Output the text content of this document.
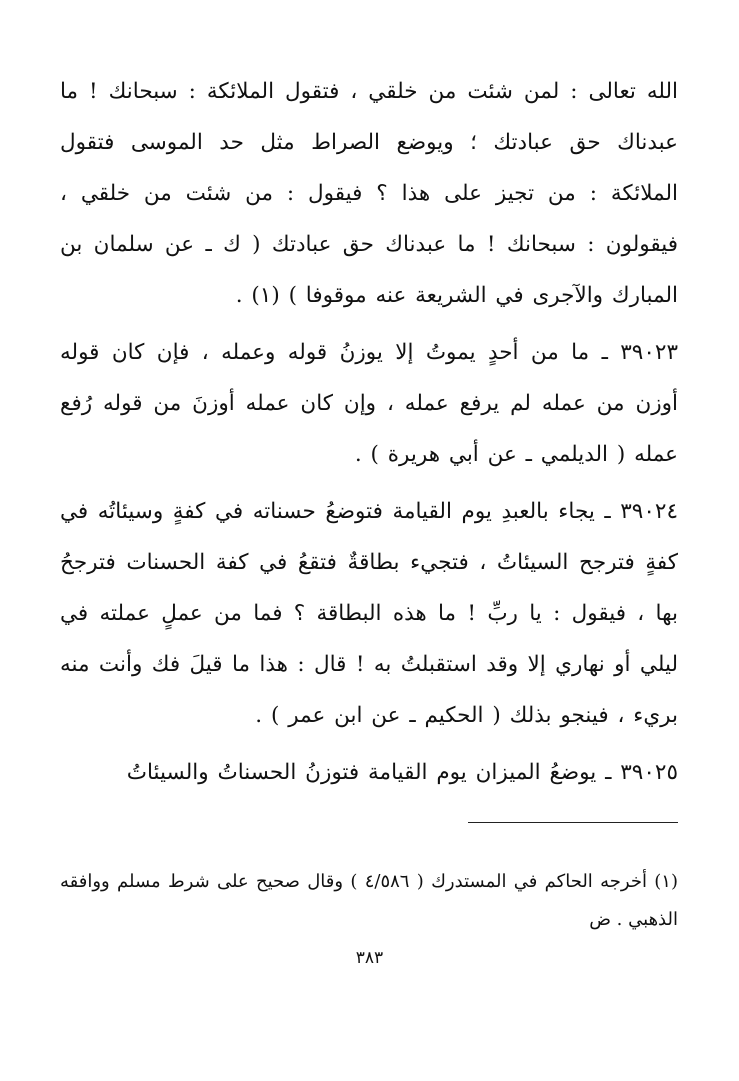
الله تعالى : لمن شئت من خلقي ، فتقول الملائكة : سبحانك ! ما عبدناك حق عبادتك ؛ ويوضع الصراط مثل حد الموسى فتقول الملائكة : من تجيز على هذا ؟ فيقول : من شئت من خلقي ، فيقولون : سبحانك ! ما عبدناك حق عبادتك ( ك ـ عن سلمان بن المبارك والآجرى في الشريعة عنه موقوفا ) (١) .

٣٩٠٢٣ ـ ما من أحدٍ يموتُ إلا يوزنُ قوله وعمله ، فإن كان قوله أوزن من عمله لم يرفع عمله ، وإن كان عمله أوزنَ من قوله رُفع عمله ( الديلمي ـ عن أبي هريرة ) .

٣٩٠٢٤ ـ يجاء بالعبدِ يوم القيامة فتوضعُ حسناته في كفةٍ وسيئاتُه في كفةٍ فترجح السيئاتُ ، فتجيء بطاقةٌ فتقعُ في كفة الحسنات فترجحُ بها ، فيقول : يا ربِّ ! ما هذه البطاقة ؟ فما من عملٍ عملته في ليلي أو نهاري إلا وقد استقبلتُ به ! قال : هذا ما قيلَ فك وأنت منه بريء ، فينجو بذلك ( الحكيم ـ عن ابن عمر ) .

٣٩٠٢٥ ـ يوضعُ الميزان يوم القيامة فتوزنُ الحسناتُ والسيئاتُ

(١) أخرجه الحاكم في المستدرك ( ٤/٥٨٦ ) وقال صحيح على شرط مسلم ووافقه الذهبي . ض

٣٨٣
